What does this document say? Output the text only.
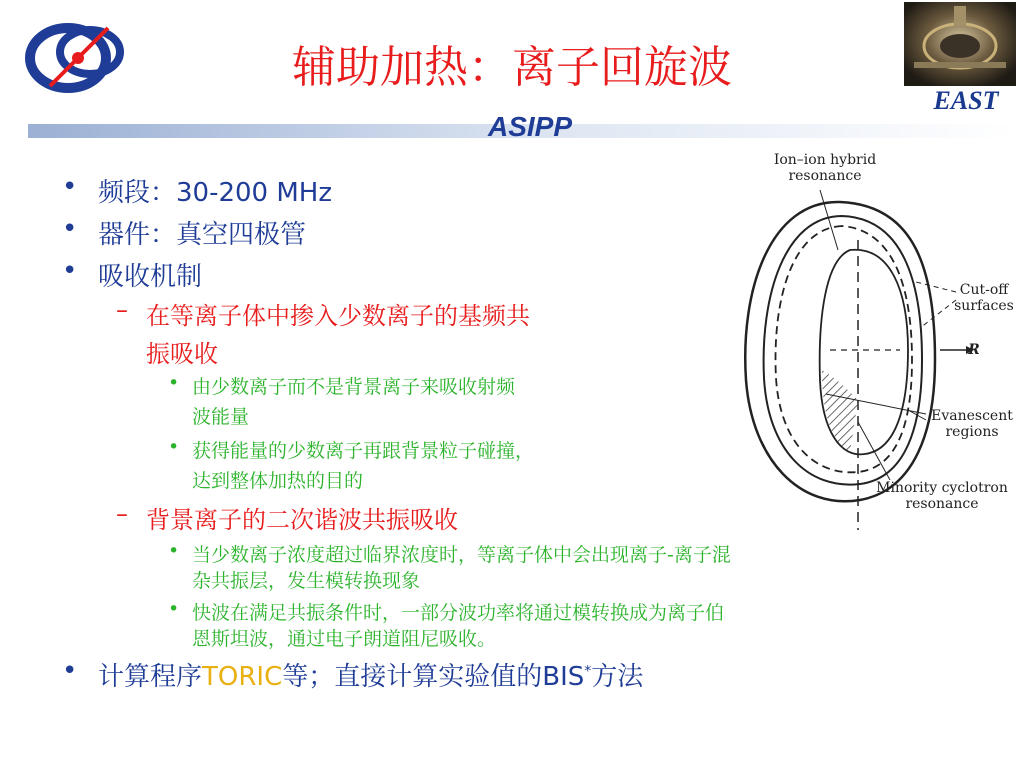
辅助加热：离子回旋波
EAST
ASIPP
• 频段：30-200 MHz
• 器件：真空四极管
• 吸收机制
– 在等离子体中掺入少数离子的基频共
振吸收
• 由少数离子而不是背景离子来吸收射频
波能量
• 获得能量的少数离子再跟背景粒子碰撞，
达到整体加热的目的
– 背景离子的二次谐波共振吸收
• 当少数离子浓度超过临界浓度时，等离子体中会出现离子-离子混
杂共振层，发生模转换现象
• 快波在满足共振条件时，一部分波功率将通过模转换成为离子伯
恩斯坦波，通过电子朗道阻尼吸收。
• 计算程序TORIC等；直接计算实验值的BIS*方法
Ion–ion hybrid
resonance
Cut-off
surfaces
R
Evanescent
regions
Minority cyclotron
resonance
